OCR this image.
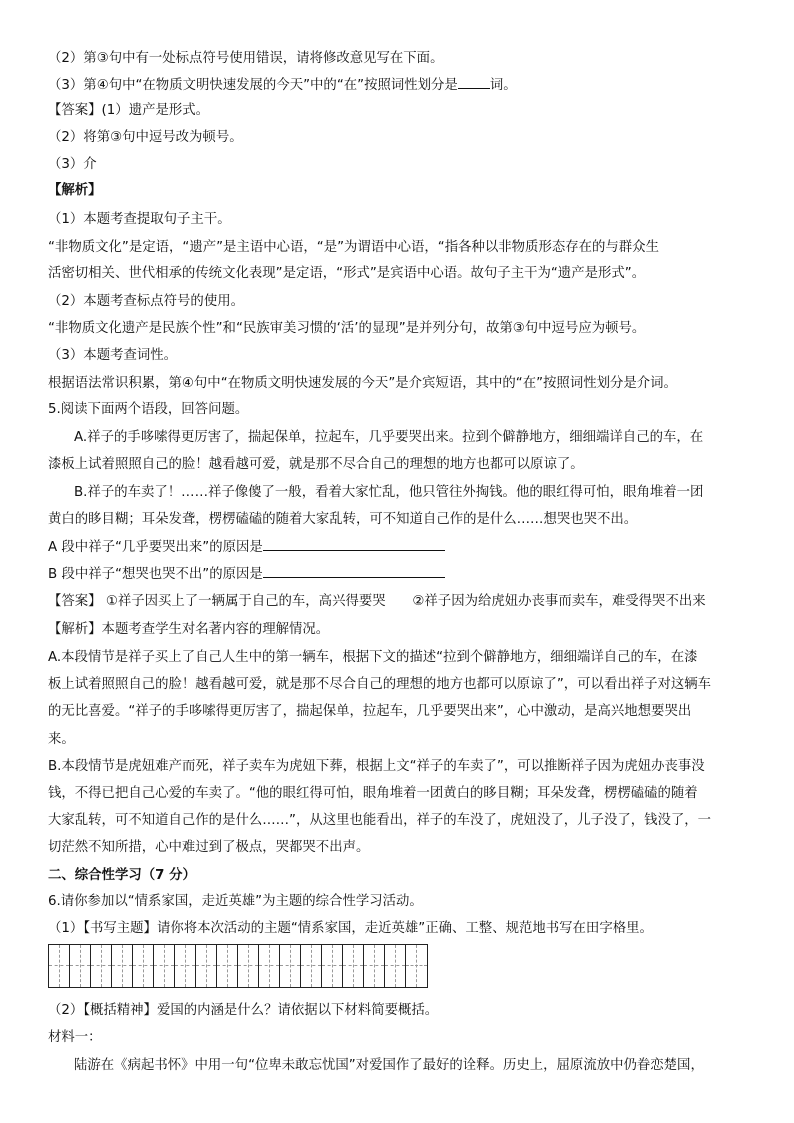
（2）第③句中有一处标点符号使用错误，请将修改意见写在下面。
（3）第④句中“在物质文明快速发展的今天”中的“在”按照词性划分是 词。
【答案】(1）遗产是形式。
（2）将第③句中逗号改为顿号。
（3）介
【解析】
（1）本题考查提取句子主干。
“非物质文化”是定语，“遗产”是主语中心语，“是”为谓语中心语，“指各种以非物质形态存在的与群众生
活密切相关、世代相承的传统文化表现”是定语，“形式”是宾语中心语。故句子主干为“遗产是形式”。
（2）本题考查标点符号的使用。
“非物质文化遗产是民族个性”和“民族审美习惯的‘活’的显现”是并列分句，故第③句中逗号应为顿号。
（3）本题考查词性。
根据语法常识积累，第④句中“在物质文明快速发展的今天”是介宾短语，其中的“在”按照词性划分是介词。
5.阅读下面两个语段，回答问题。
A.祥子的手哆嗦得更厉害了，揣起保单，拉起车，几乎要哭出来。拉到个僻静地方，细细端详自己的车，在
漆板上试着照照自己的脸！越看越可爱，就是那不尽合自己的理想的地方也都可以原谅了。
B.祥子的车卖了！……祥子像傻了一般，看着大家忙乱，他只管往外掏钱。他的眼红得可怕，眼角堆着一团
黄白的眵目糊；耳朵发聋，楞楞磕磕的随着大家乱转，可不知道自己作的是什么……想哭也哭不出。
A 段中祥子“几乎要哭出来”的原因是
B 段中祥子“想哭也哭不出”的原因是
【答案】 ①祥子因买上了一辆属于自己的车，高兴得要哭　　②祥子因为给虎妞办丧事而卖车，难受得哭不出来
【解析】本题考查学生对名著内容的理解情况。
A.本段情节是祥子买上了自己人生中的第一辆车，根据下文的描述“拉到个僻静地方，细细端详自己的车，在漆
板上试着照照自己的脸！越看越可爱，就是那不尽合自己的理想的地方也都可以原谅了”，可以看出祥子对这辆车
的无比喜爱。“祥子的手哆嗦得更厉害了，揣起保单，拉起车，几乎要哭出来”，心中激动，是高兴地想要哭出
来。
B.本段情节是虎妞难产而死，祥子卖车为虎妞下葬，根据上文“祥子的车卖了”，可以推断祥子因为虎妞办丧事没
钱，不得已把自己心爱的车卖了。“他的眼红得可怕，眼角堆着一团黄白的眵目糊；耳朵发聋，楞楞磕磕的随着
大家乱转，可不知道自己作的是什么……”，从这里也能看出，祥子的车没了，虎妞没了，儿子没了，钱没了，一
切茫然不知所措，心中难过到了极点，哭都哭不出声。
二、综合性学习（7 分）
6.请你参加以“情系家国，走近英雄”为主题的综合性学习活动。
（1）【书写主题】请你将本次活动的主题“情系家国，走近英雄”正确、工整、规范地书写在田字格里。
（2）【概括精神】爱国的内涵是什么？请依据以下材料简要概括。
材料一：
陆游在《病起书怀》中用一句“位卑未敢忘忧国”对爱国作了最好的诠释。历史上，屈原流放中仍眷恋楚国，
